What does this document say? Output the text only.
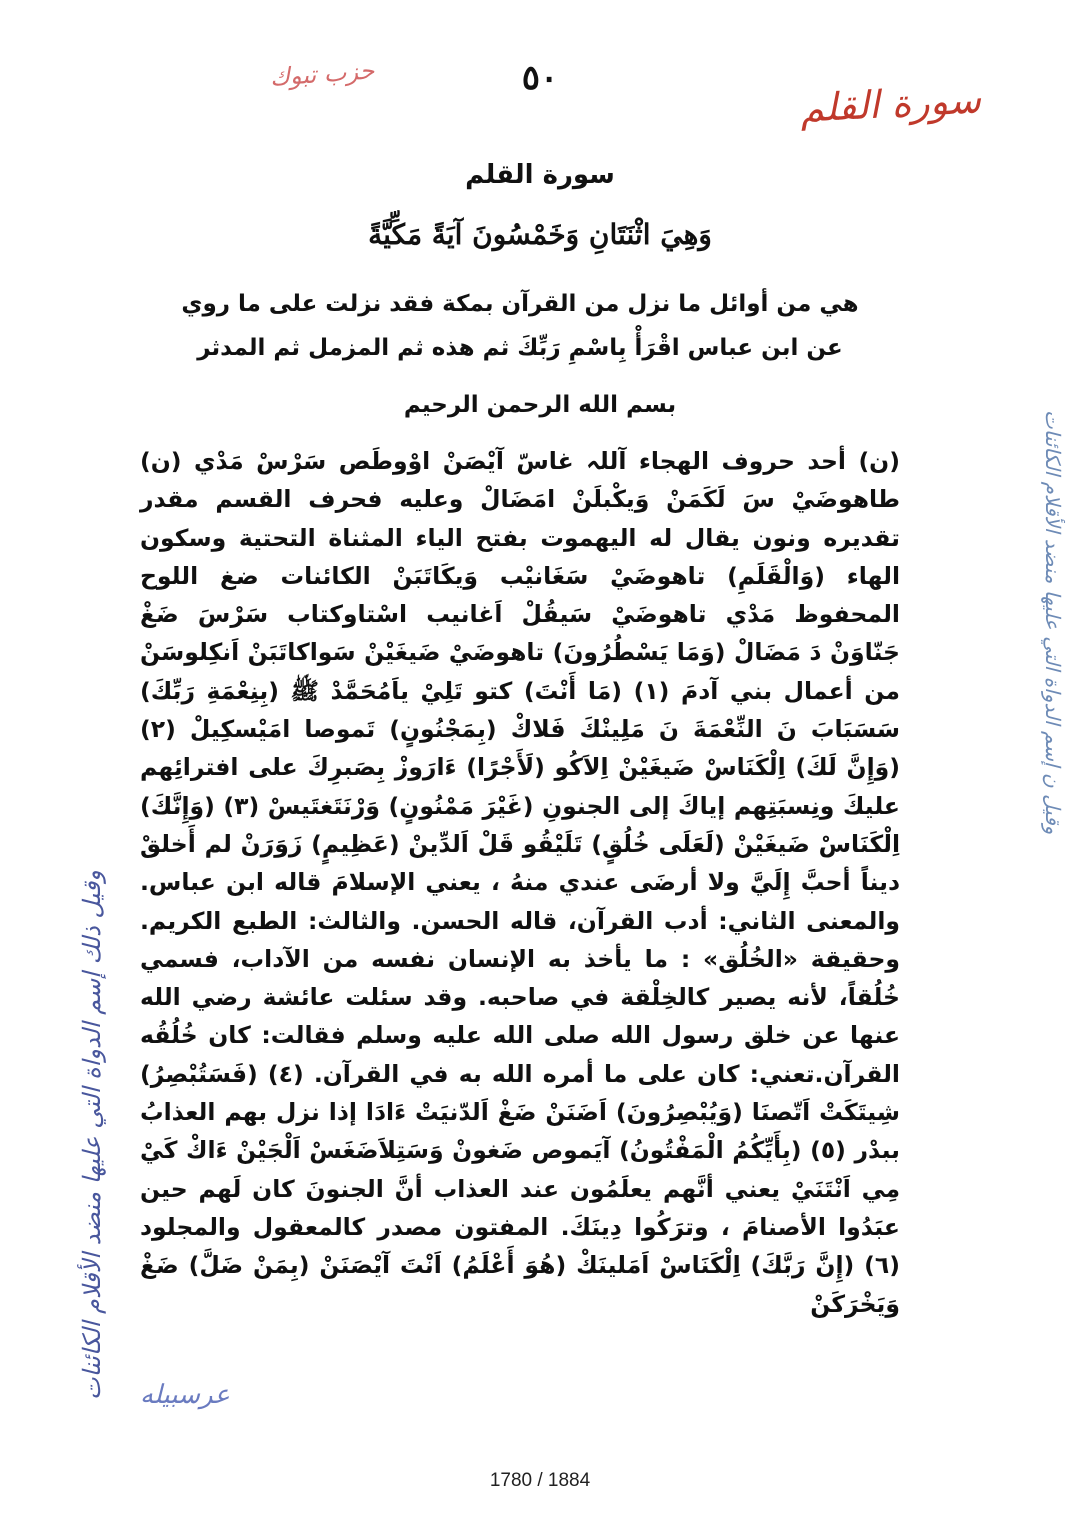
حزب تبوك	٥٠	سورة القلم
سورة القلم
وَهِيَ اثْنَتَانِ وَخَمْسُونَ آيَةً مَكِّيَّةً
هي من أوائل ما نزل من القرآن بمكة فقد نزلت على ما روي عن ابن عباس اقْرَأْ بِاسْمِ رَبِّكَ ثم هذه ثم المزمل ثم المدثر
بسم الله الرحمن الرحيم

(ن) أحد حروف الهجاء آللہ غاسّ آیْصَنْ اوْوطَص سَرْسْ مَدْي (ن) طاهوضَيْ سَ لَكَمَنْ وَيكْبلَنْ امَضَالْ وعليه فحرف القسم مقدر تقديره ونون يقال له اليهموت بفتح الياء المثناة التحتية وسكون الهاء (وَالْقَلَمِ) تاهوضَيْ سَغَانيْب وَيكَاتَبَنْ الكائنات ضغ اللوح المحفوظ مَدْي تاهوضَيْ سَيقُلْ اَغانيب اسْتاوكتاب سَرْسَ ضَغْ جَنّاوَنْ دَ مَضَالْ (وَمَا يَسْطُرُونَ) تاهوضَيْ ضَيغَيْنْ سَواكاتَبَنْ اَنكِلوسَنْ من أعمال بني آدمَ (١) (مَا أَنْتَ) كتو تَلِيْ ياَمُحَمَّدْ ﷺ (بِنِعْمَةِ رَبِّكَ) سَسَبَابَ نَ النِّعْمَةَ نَ مَلِينْكَ فَلاكْ (بِمَجْنُونٍ) تَموصا امَيْسكِيلْ (٢) (وَإِنَّ لَكَ) اِلْكَنَاسْ ضَيغَيْنْ اِلاَكُو (لَأَجْرًا) ءَارَوزْ بِصَبرِكَ على افترائِهم عليكَ ونِسبَتِهم إياكَ إلى الجنونِ (غَيْرَ مَمْنُونٍ) وَرْنَتَغتَيسْ (٣) (وَإِنَّكَ) اِلْكَنَاسْ ضَيغَيْنْ (لَعَلَى خُلُقٍ) تَلَيْقُو قَلْ اَلدِّينْ (عَظِيمٍ) زَوَرَنْ لم أَخلقْ ديناً أحبَّ إِلَيَّ ولا أرضَى عندي منهُ ، يعني الإسلامَ قاله ابن عباس. والمعنى الثاني: أدب القرآن، قاله الحسن. والثالث: الطبع الكريم. وحقيقة «الخُلُق» : ما يأخذ به الإنسان نفسه من الآداب، فسمي خُلُقاً، لأنه يصير كالخِلْقة في صاحبه. وقد سئلت عائشة رضي الله عنها عن خلق رسول الله صلى الله عليه وسلم فقالت: كان خُلُقُه القرآن.تعني: كان على ما أمره الله به في القرآن. (٤) (فَسَتُبْصِرُ) شِيتَكَتْ اَتّصنَا (وَيُبْصِرُونَ) اَضَنَنْ ضَغْ اَلدّنيَتْ ءَادَا إذا نزل بهم العذابُ ببدْر (٥) (بِأَيِّكُمُ الْمَفْتُونُ) آيَموص ضَغونْ وَسَتِلاَضَغَسْ اَلْجَيْنْ ءَاكْ كَيْ مِي اَنْتَنَيْ يعني أنَّهم يعلَمُون عند العذاب أنَّ الجنونَ كان لَهم حين عبَدُوا الأصنامَ ، وترَكُوا دِينَكَ. المفتون مصدر كالمعقول والمجلود (٦) (إِنَّ رَبَّكَ) اِلْكَنَاسْ اَمَلينَكْ (هُوَ أَعْلَمُ) اَنْتَ آيْصَنَنْ (بِمَنْ ضَلَّ) ضَغْ وَيَخْرَكَنْ

وقيل ذلك إسم الدواة التي عليها منضد الأقلام الكائنات
وقيل ن إسم الدواة التي عليها منضد الأقلام الكائنات
عرسبيله
1780 / 1884
